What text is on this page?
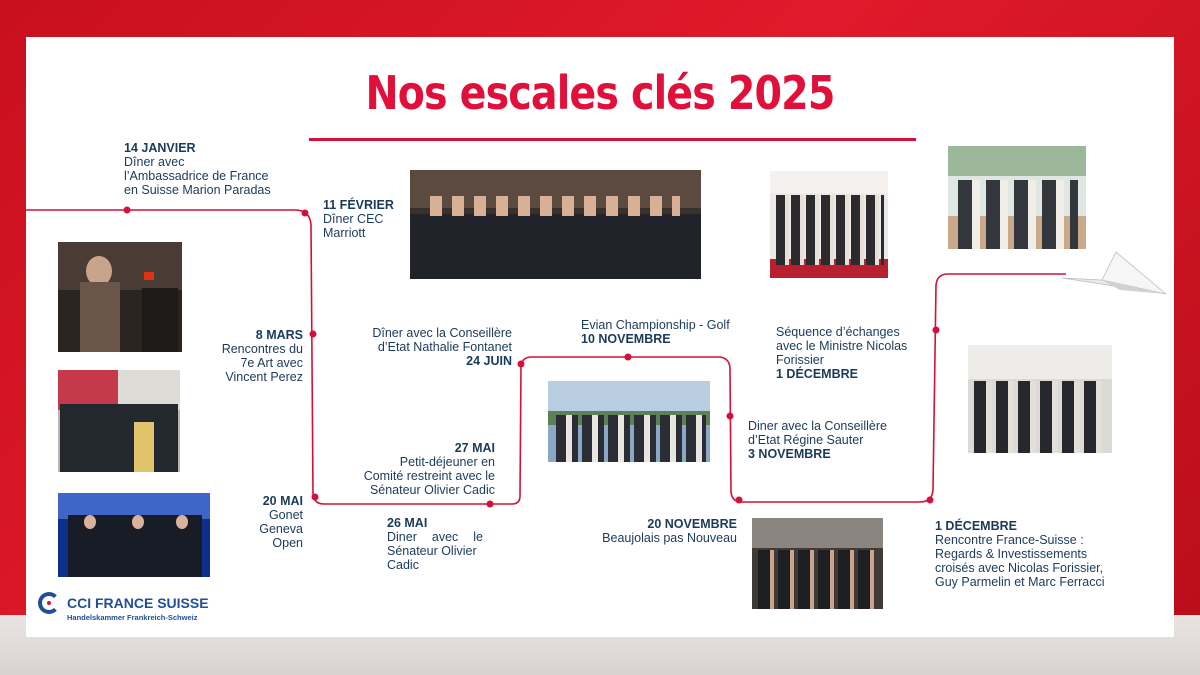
Nos escales clés 2025
14 JANVIER
Dîner avec
l’Ambassadrice de France
en Suisse Marion Paradas
11 FÉVRIER
Dîner CEC
Marriott
8 MARS
Rencontres du
7e Art avec
Vincent Perez
20 MAI
Gonet
Geneva
Open
26 MAI
Diner avec le
Sénateur Olivier
Cadic
27 MAI
Petit-déjeuner en
Comité restreint avec le
Sénateur Olivier Cadic
Dîner avec la Conseillère
d’Etat Nathalie Fontanet
24 JUIN
Evian Championship - Golf
10 NOVEMBRE
20 NOVEMBRE
Beaujolais pas Nouveau
Diner avec la Conseillère
d’Etat Régine Sauter
3 NOVEMBRE
Séquence d’échanges
avec le Ministre Nicolas
Forissier
1 DÉCEMBRE
1 DÉCEMBRE
Rencontre France-Suisse :
Regards & Investissements
croisés avec Nicolas Forissier,
Guy Parmelin et Marc Ferracci
CCI FRANCE SUISSE
Handelskammer Frankreich-Schweiz
